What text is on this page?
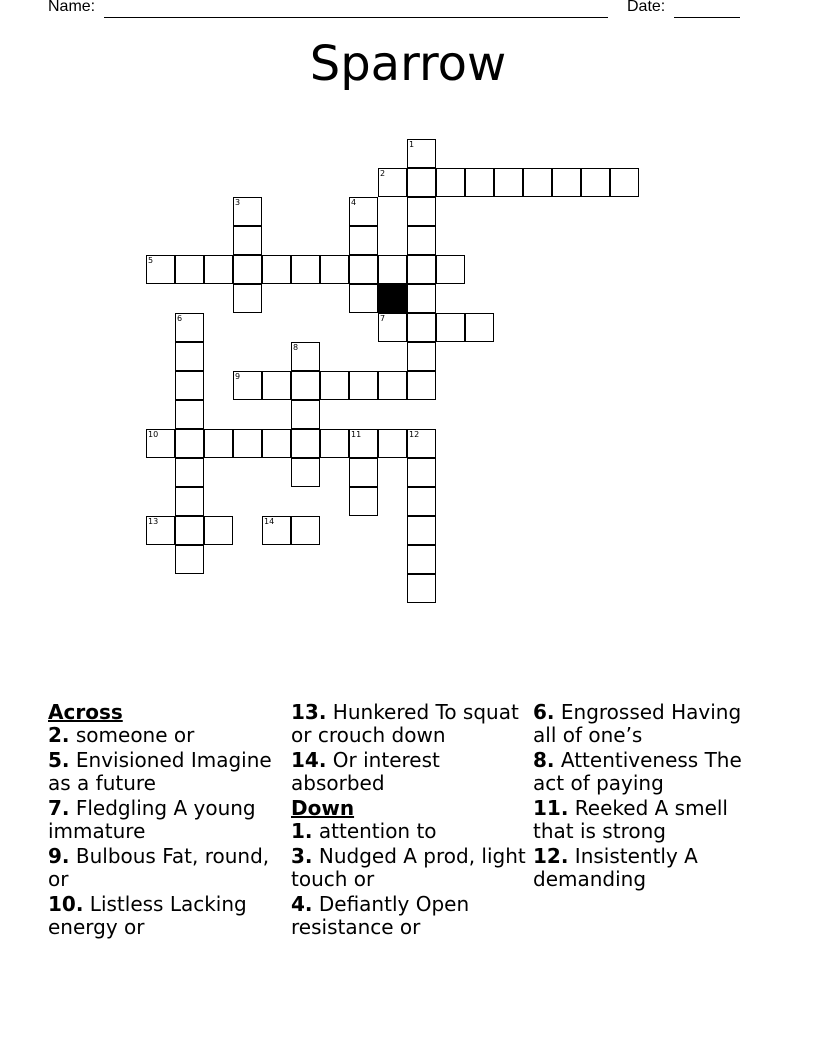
Name:	Date:
Sparrow
1
2
3	4
5
6	7
8
9
10	11	12
13	14
Across
2. someone or
5. Envisioned Imagine as a future
7. Fledgling A young immature
9. Bulbous Fat, round, or
10. Listless Lacking energy or
13. Hunkered To squat or crouch down
14. Or interest absorbed
Down
1. attention to
3. Nudged A prod, light touch or
4. Defiantly Open resistance or
6. Engrossed Having all of one’s
8. Attentiveness The act of paying
11. Reeked A smell that is strong
12. Insistently A demanding
